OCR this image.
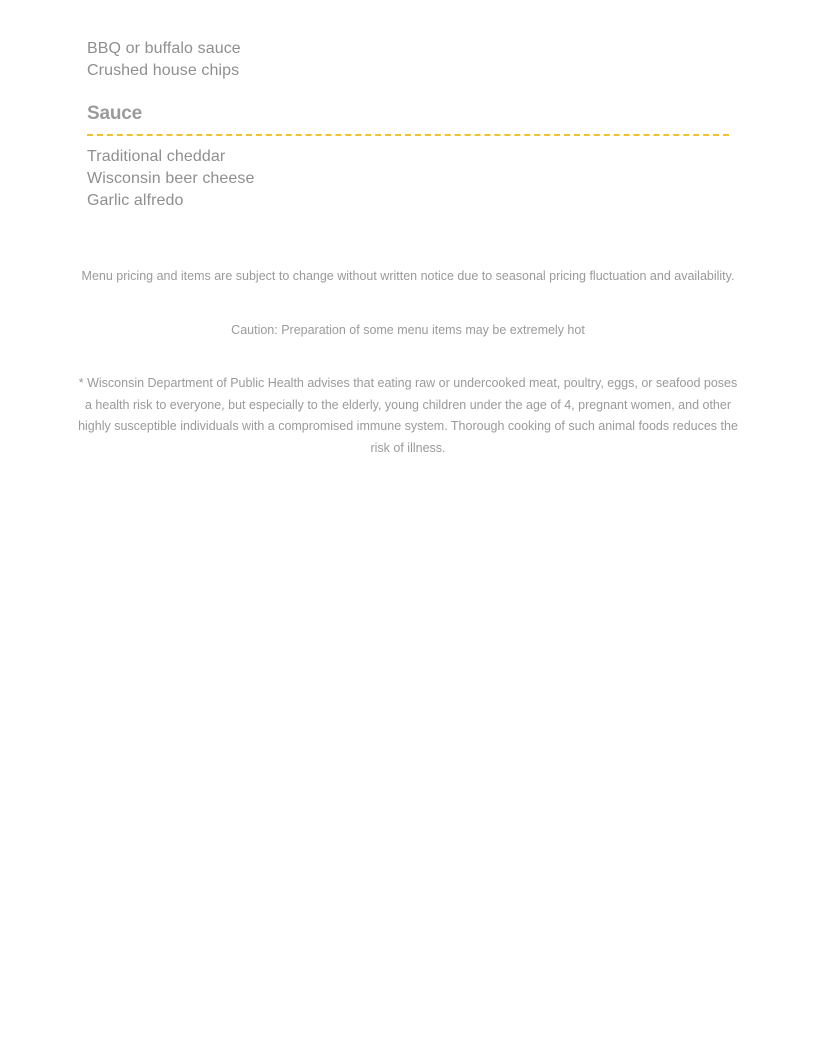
BBQ or buffalo sauce
Crushed house chips
Sauce
Traditional cheddar
Wisconsin beer cheese
Garlic alfredo

Menu pricing and items are subject to change without written notice due to seasonal pricing fluctuation and availability.

Caution: Preparation of some menu items may be extremely hot

* Wisconsin Department of Public Health advises that eating raw or undercooked meat, poultry, eggs, or seafood poses a health risk to everyone, but especially to the elderly, young children under the age of 4, pregnant women, and other highly susceptible individuals with a compromised immune system. Thorough cooking of such animal foods reduces the risk of illness.
